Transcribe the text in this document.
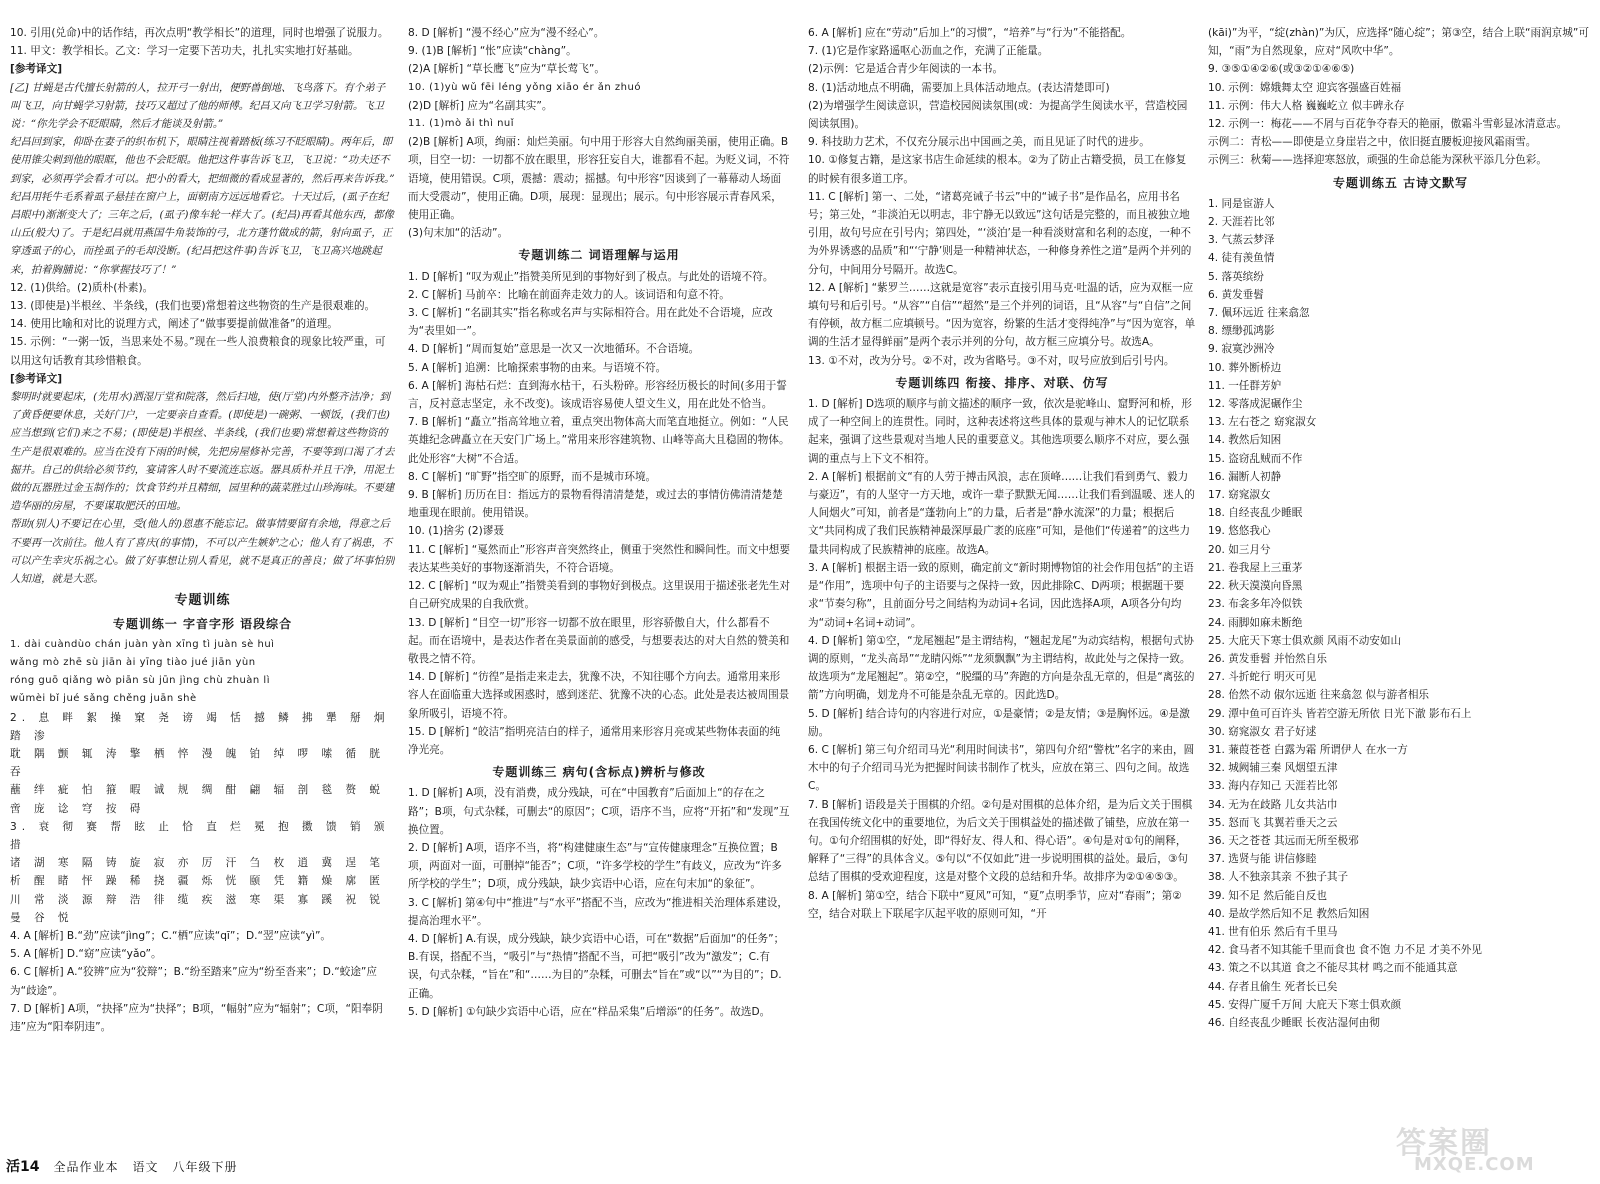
10. 引用(兑命)中的话作结，再次点明“教学相长”的道理，同时也增强了说服力。

11. 甲文：教学相长。乙文：学习一定要下苦功夫，扎扎实实地打好基础。

[参考译文]

[乙] 甘蝇是古代擅长射箭的人，拉开弓一射出，便野兽倒地、飞鸟落下。有个弟子叫飞卫，向甘蝇学习射箭，技巧又超过了他的师傅。纪昌又向飞卫学习射箭。飞卫说：“你先学会不眨眼睛，然后才能谈及射箭。”

纪昌回到家，仰卧在妻子的织布机下，眼睛注视着踏板(练习不眨眼睛)。两年后，即使用锥尖刺到他的眼眶，他也不会眨眼。他把这件事告诉飞卫，飞卫说：“功夫还不到家，必须再学会看才可以。把小的看大，把细微的看成显著的，然后再来告诉我。”

纪昌用牦牛毛系着虱子悬挂在窗户上，面朝南方远远地看它。十天过后，(虱子在纪昌眼中)渐渐变大了；三年之后，(虱子)像车轮一样大了。(纪昌)再看其他东西，都像山丘(般大)了。于是纪昌就用燕国牛角装饰的弓，北方蓬竹做成的箭，射向虱子，正穿透虱子的心，而拴虱子的毛却没断。(纪昌把这件事)告诉飞卫，飞卫高兴地跳起来，拍着胸脯说：“你掌握技巧了！”

12. (1)供给。(2)质朴(朴素)。

13. (即使是)半根丝、半条线，(我们也要)常想着这些物资的生产是很艰难的。

14. 使用比喻和对比的说理方式，阐述了“做事要提前做准备”的道理。

15. 示例：“一粥一饭，当思来处不易。”现在一些人浪费粮食的现象比较严重，可以用这句话教育其珍惜粮食。

[参考译文]

黎明时就要起床，(先用水)洒湿厅堂和院落，然后扫地，使(厅堂)内外整齐洁净；到了黄昏便要休息，关好门户，一定要亲自查看。(即使是)一碗粥、一顿饭，(我们也)应当想到(它们)来之不易；(即使是)半根丝、半条线，(我们也要)常想着这些物资的生产是很艰难的。应当在没有下雨的时候，先把房屋修补完善，不要等到口渴了才去掘井。自己的供给必须节约，宴请客人时不要流连忘返。器具质朴并且干净，用泥土做的瓦器胜过金玉制作的；饮食节约并且精细，园里种的蔬菜胜过山珍海味。不要建造华丽的房屋，不要谋取肥沃的田地。

帮助(别人)不要记在心里，受(他人的)恩惠不能忘记。做事情要留有余地，得意之后不要再一次前往。他人有了喜庆(的事情)，不可以产生嫉妒之心；他人有了祸患，不可以产生幸灾乐祸之心。做了好事想让别人看见，就不是真正的善良；做了坏事怕别人知道，就是大恶。

专题训练

专题训练一 字音字形 语段综合

1. dài cuàndùo chán juàn yàn xīng tì juàn sè huì

wǎng mò zhē sù jiān ài yīng tiào jué jiān yùn

róng guō qiǎng wò piān sù jūn jìng chù zhuàn lì

wǔmèi bǐ jué sǎng chěng juān shè

2. 息 畔 絮 操 窠 尧 谤 竭 恬 撼 鳞 拂 犟 掰 炯 踏 渗

耽 隅 颤 辄 涛 擎 栖 悴 漫 魄 铂 绰 啰 嗦 循 胱 吞

蘸 绊 疵 怕 箍 暇 诚 规 绸 酣 翩 辐 剖 毯 赘 蜕

啻 庞 谂 穹 按 碍

3. 衰 彻 赛 帮 眩 止 恰 直 烂 冕 抱 擞 馈 销 颁 措

诸 湖 寒 隔 铸 旋 寂 亦 厉 汗 刍 枚 逍 冀 逞 笔

析 醒 睹 怦 躁 稀 挠 疆 烁 恍 颐 凭 籍 燥 廓 匿

川 常 淡 源 辩 浩 徘 缆 疾 滋 寒 渠 寡 蹊 祝 锐

曼 谷 悦

4. A [解析] B.“劲”应读“jìng”；C.“栖”应读“qī”；D.“翌”应读“yì”。

5. A [解析] D.“窈”应读“yǎo”。

6. C [解析] A.“狡辨”应为“狡辩”；B.“纷至踏来”应为“纷至沓来”；D.“蛟途”应为“歧途”。

7. D [解析] A项，“抉择”应为“抉择”；B项，“幅射”应为“辐射”；C项，“阳奉阴违”应为“阳奉阴违”。

8. D [解析] “漫不经心”应为“漫不经心”。

9. (1)B [解析] “怅”应读“chàng”。

(2)A [解析] “草长鹰飞”应为“草长莺飞”。

10. (1)yù wǔ fēi léng yǒng xiāo ér ǎn zhuó

(2)D [解析] 应为“名副其实”。

11. (1)mò ǎi thì nuǐ

(2)B [解析] A项，绚丽：灿烂美丽。句中用于形容大自然绚丽美丽，使用正确。B项，目空一切：一切都不放在眼里，形容狂妄自大，谁都看不起。为贬义词，不符语境，使用错误。C项，震撼：震动；摇撼。句中形容“因谈到了一幕幕动人场面而大受震动”，使用正确。D项，展现：显现出；展示。句中形容展示青春风采，使用正确。

(3)句末加“的活动”。

专题训练二 词语理解与运用

1. D [解析] “叹为观止”指赞美所见到的事物好到了极点。与此处的语境不符。

2. C [解析] 马前卒：比喻在前面奔走效力的人。该词语和句意不符。

3. C [解析] “名副其实”指名称或名声与实际相符合。用在此处不合语境，应改为“表里如一”。

4. D [解析] “周而复始”意思是一次又一次地循环。不合语境。

5. A [解析] 追溯：比喻探索事物的由来。与语境不符。

6. A [解析] 海枯石烂：直到海水枯干，石头粉碎。形容经历极长的时间(多用于誓言，反衬意志坚定，永不改变)。该成语容易使人望文生义，用在此处不恰当。

7. B [解析] “矗立”指高耸地立着，重点突出物体高大而笔直地挺立。例如：“人民英雄纪念碑矗立在天安门广场上。”常用来形容建筑物、山峰等高大且稳固的物体。此处形容“大树”不合适。

8. C [解析] “旷野”指空旷的原野，而不是城市环境。

9. B [解析] 历历在目：指远方的景物看得清清楚楚，或过去的事情仿佛清清楚楚地重现在眼前。使用错误。

10. (1)捨劣 (2)谬聂

11. C [解析] “戛然而止”形容声音突然终止，侧重于突然性和瞬间性。而文中想要表达某些美好的事物逐渐消失，不符合语境。

12. C [解析] “叹为观止”指赞美看到的事物好到极点。这里误用于描述张老先生对自己研究成果的自我欣赏。

13. D [解析] “目空一切”形容一切都不放在眼里，形容骄傲自大，什么都看不起。而在语境中，是表达作者在美景面前的感受，与想要表达的对大自然的赞美和敬畏之情不符。

14. D [解析] “彷徨”是指走来走去，犹豫不决，不知往哪个方向去。通常用来形容人在面临重大选择或困惑时，感到迷茫、犹豫不决的心态。此处是表达被周围景象所吸引，语境不符。

15. D [解析] “皎洁”指明亮洁白的样子，通常用来形容月亮或某些物体表面的纯净光亮。

专题训练三 病句(含标点)辨析与修改

1. D [解析] A项，没有消费，成分残缺，可在“中国教育”后面加上“的存在之路”；B项，句式杂糅，可删去“的原因”；C项，语序不当，应将“开拓”和“发现”互换位置。

2. D [解析] A项，语序不当，将“构建健康生态”与“宣传健康理念”互换位置；B项，两面对一面，可删掉“能否”；C项，“许多学校的学生”有歧义，应改为“许多所学校的学生”；D项，成分残缺，缺少宾语中心语，应在句末加“的象征”。

3. C [解析] 第④句中“推进”与“水平”搭配不当，应改为“推进相关治理体系建设，提高治理水平”。

4. D [解析] A.有误，成分残缺，缺少宾语中心语，可在“数据”后面加“的任务”；B.有误，搭配不当，“吸引”与“热情”搭配不当，可把“吸引”改为“激发”；C.有误，句式杂糅，“旨在”和“……为目的”杂糅，可删去“旨在”或“以”“为目的”；D.正确。

5. D [解析] ①句缺少宾语中心语，应在“样品采集”后增添“的任务”。故选D。

6. A [解析] 应在“劳动”后加上“的习惯”，“培养”与“行为”不能搭配。

7. (1)它是作家路遥呕心沥血之作，充满了正能量。

(2)示例：它是适合青少年阅读的一本书。

8. (1)活动地点不明确，需要加上具体活动地点。(表达清楚即可)

(2)为增强学生阅读意识，营造校园阅读氛围(或：为提高学生阅读水平，营造校园阅读氛围)。

9. 科技助力艺术，不仅充分展示出中国画之美，而且见证了时代的进步。

10. ①修复古籍，是这家书店生命延续的根本。②为了防止古籍受损，员工在修复的时候有很多道工序。

11. C [解析] 第一、二处，“诸葛亮诫子书云”中的“诫子书”是作品名，应用书名号；第三处，“非淡泊无以明志，非宁静无以致远”这句话是完整的，而且被独立地引用，故句号应在引号内；第四处，“‘淡泊’是一种看淡财富和名利的态度，一种不为外界诱惑的品质”和“‘宁静’则是一种精神状态，一种修身养性之道”是两个并列的分句，中间用分号隔开。故选C。

12. A [解析] “紫罗兰……这就是宽容”表示直接引用马克·吐温的话，应为双框一应填句号和后引号。“从容”“自信”“超然”是三个并列的词语，且“从容”与“自信”之间有停顿，故方框二应填顿号。“因为宽容，纷繁的生活才变得纯净”与“因为宽容，单调的生活才显得鲜丽”是两个表示并列的分句，故方框三应填分号。故选A。

13. ①不对，改为分号。②不对，改为省略号。③不对，叹号应放到后引号内。

专题训练四 衔接、排序、对联、仿写

1. D [解析] D选项的顺序与前文描述的顺序一致，依次是驼峰山、窟野河和桥，形成了一种空间上的连贯性。同时，这种表述将这些具体的景观与神木人的记忆联系起来，强调了这些景观对当地人民的重要意义。其他选项要么顺序不对应，要么强调的重点与上下文不相符。

2. A [解析] 根据前文“有的人劳于搏击风浪，志在顶峰……让我们看到勇气、毅力与豪迈”，有的人坚守一方天地，或许一辈子默默无闻……让我们看到温暖、迷人的人间烟火”可知，前者是“蓬勃向上”的力量，后者是“静水流深”的力量；根据后文“共同构成了我们民族精神最深厚最广袤的底座”可知，是他们“传递着”的这些力量共同构成了民族精神的底座。故选A。

3. A [解析] 根据主语一致的原则，确定前文“新时期博物馆的社会作用包括”的主语是“作用”，选项中句子的主语要与之保持一致，因此排除C、D两项；根据题干要求“节奏匀称”，且前面分号之间结构为动词+名词，因此选择A项，A项各分句均为“动词+名词+动词”。

4. D [解析] 第①空，“龙尾翘起”是主谓结构，“翘起龙尾”为动宾结构，根据句式协调的原则，“龙头高昂”“龙睛闪烁”“龙须飘飘”为主谓结构，故此处与之保持一致。故选项为“龙尾翘起”。第②空，“脱缰的马”奔跑的方向是杂乱无章的，但是“离弦的箭”方向明确，划龙舟不可能是杂乱无章的。因此选D。

5. D [解析] 结合诗句的内容进行对应，①是豪情；②是友情；③是胸怀远。④是激励。

6. C [解析] 第三句介绍司马光“利用时间读书”，第四句介绍“警枕”名字的来由，圆木中的句子介绍司马光为把握时间读书制作了枕头，应放在第三、四句之间。故选C。

7. B [解析] 语段是关于围棋的介绍。②句是对围棋的总体介绍，是为后文关于围棋在我国传统文化中的重要地位，为后文关于围棋益处的描述做了铺垫，应放在第一句。①句介绍围棋的好处，即“得好友、得人和、得心语”。④句是对①句的阐释，解释了“三得”的具体含义。⑤句以“不仅如此”进一步说明围棋的益处。最后，③句总结了围棋的受欢迎程度，这是对整个文段的总结和升华。故排序为②①④⑤③。

8. A [解析] 第①空，结合下联中“夏风”可知，“夏”点明季节，应对“春雨”；第②空，结合对联上下联尾字仄起平收的原则可知，“开

(kāi)”为平，“绽(zhàn)”为仄，应选择“随心绽”；第③空，结合上联“雨润京城”可知，“雨”为自然现象，应对“风吹中华”。

9. ③⑤①④②⑥(或③②①④⑥⑤)

10. 示例：嫦娥舞太空 迎宾客强盛百姓福

11. 示例：伟大人格 巍巍屹立 似丰碑永存

12. 示例一：梅花——不屑与百花争夺春天的艳丽，傲霜斗雪彰显冰清意志。

示例二：青松——即使是立身崖岩之中，依旧挺直腰板迎接风霜雨雪。

示例三：秋菊——选择迎寒怒放，顽强的生命总能为深秋平添几分色彩。

专题训练五 古诗文默写

1. 同是宦游人

2. 天涯若比邻

3. 气蒸云梦泽

4. 徒有羡鱼情

5. 落英缤纷

6. 黄发垂髫

7. 佩环远近 往来翕忽

8. 缥缈孤鸿影

9. 寂寞沙洲冷

10. 葬外断桥边

11. 一任群芳妒

12. 零落成泥碾作尘

13. 左右苍之 窈窕淑女

14. 教然后知困

15. 盗窃乱贼而不作

16. 漏断人初静

17. 窈窕淑女

18. 自经丧乱少睡眠

19. 悠悠我心

20. 如三月兮

21. 卷我屋上三重茅

22. 秋天漠漠向昏黑

23. 布衾多年冷似铁

24. 雨脚如麻未断绝

25. 大庇天下寒士俱欢颜 风雨不动安如山

26. 黄发垂髫 并怡然自乐

27. 斗折蛇行 明灭可见

28. 佁然不动 俶尔远逝 往来翕忽 似与游者相乐

29. 潭中鱼可百许头 皆若空游无所依 日光下澈 影布石上

30. 窈窕淑女 君子好逑

31. 蒹葭苍苍 白露为霜 所谓伊人 在水一方

32. 城阙辅三秦 风烟望五津

33. 海内存知己 天涯若比邻

34. 无为在歧路 儿女共沾巾

35. 怒而飞 其翼若垂天之云

36. 天之苍苍 其远而无所至极邪

37. 选贤与能 讲信修睦

38. 人不独亲其亲 不独子其子

39. 知不足 然后能自反也

40. 是故学然后知不足 教然后知困

41. 世有伯乐 然后有千里马

42. 食马者不知其能千里而食也 食不饱 力不足 才美不外见

43. 策之不以其道 食之不能尽其材 鸣之而不能通其意

44. 存者且偷生 死者长已矣

45. 安得广厦千万间 大庇天下寒士俱欢颜

46. 自经丧乱少睡眠 长夜沾湿何由彻

活14 全品作业本 语文 八年级下册
答案圈
MXQE.COM
